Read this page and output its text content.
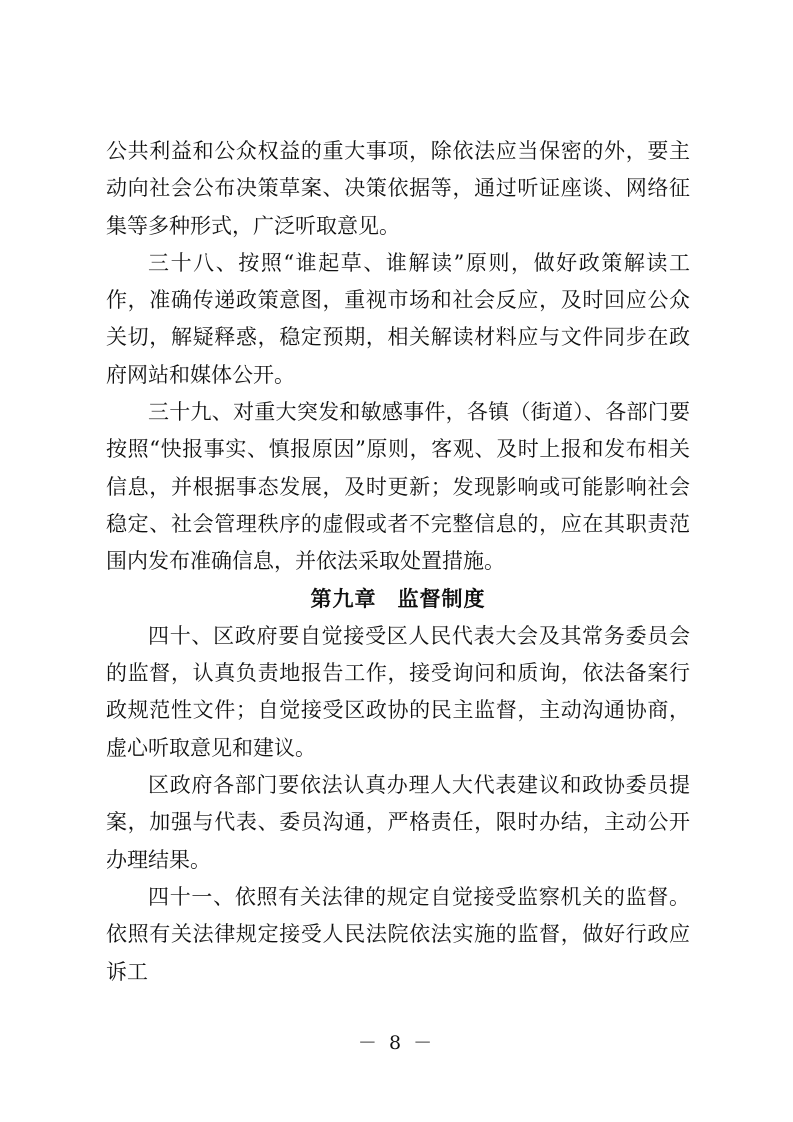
公共利益和公众权益的重大事项，除依法应当保密的外，要主动向社会公布决策草案、决策依据等，通过听证座谈、网络征集等多种形式，广泛听取意见。

三十八、按照“谁起草、谁解读”原则，做好政策解读工作，准确传递政策意图，重视市场和社会反应，及时回应公众关切，解疑释惑，稳定预期，相关解读材料应与文件同步在政府网站和媒体公开。

三十九、对重大突发和敏感事件，各镇（街道）、各部门要按照“快报事实、慎报原因”原则，客观、及时上报和发布相关信息，并根据事态发展，及时更新；发现影响或可能影响社会稳定、社会管理秩序的虚假或者不完整信息的，应在其职责范围内发布准确信息，并依法采取处置措施。

第九章 监督制度

四十、区政府要自觉接受区人民代表大会及其常务委员会的监督，认真负责地报告工作，接受询问和质询，依法备案行政规范性文件；自觉接受区政协的民主监督，主动沟通协商，虚心听取意见和建议。

区政府各部门要依法认真办理人大代表建议和政协委员提案，加强与代表、委员沟通，严格责任，限时办结，主动公开办理结果。

四十一、依照有关法律的规定自觉接受监察机关的监督。依照有关法律规定接受人民法院依法实施的监督，做好行政应诉工

－ 8 －
